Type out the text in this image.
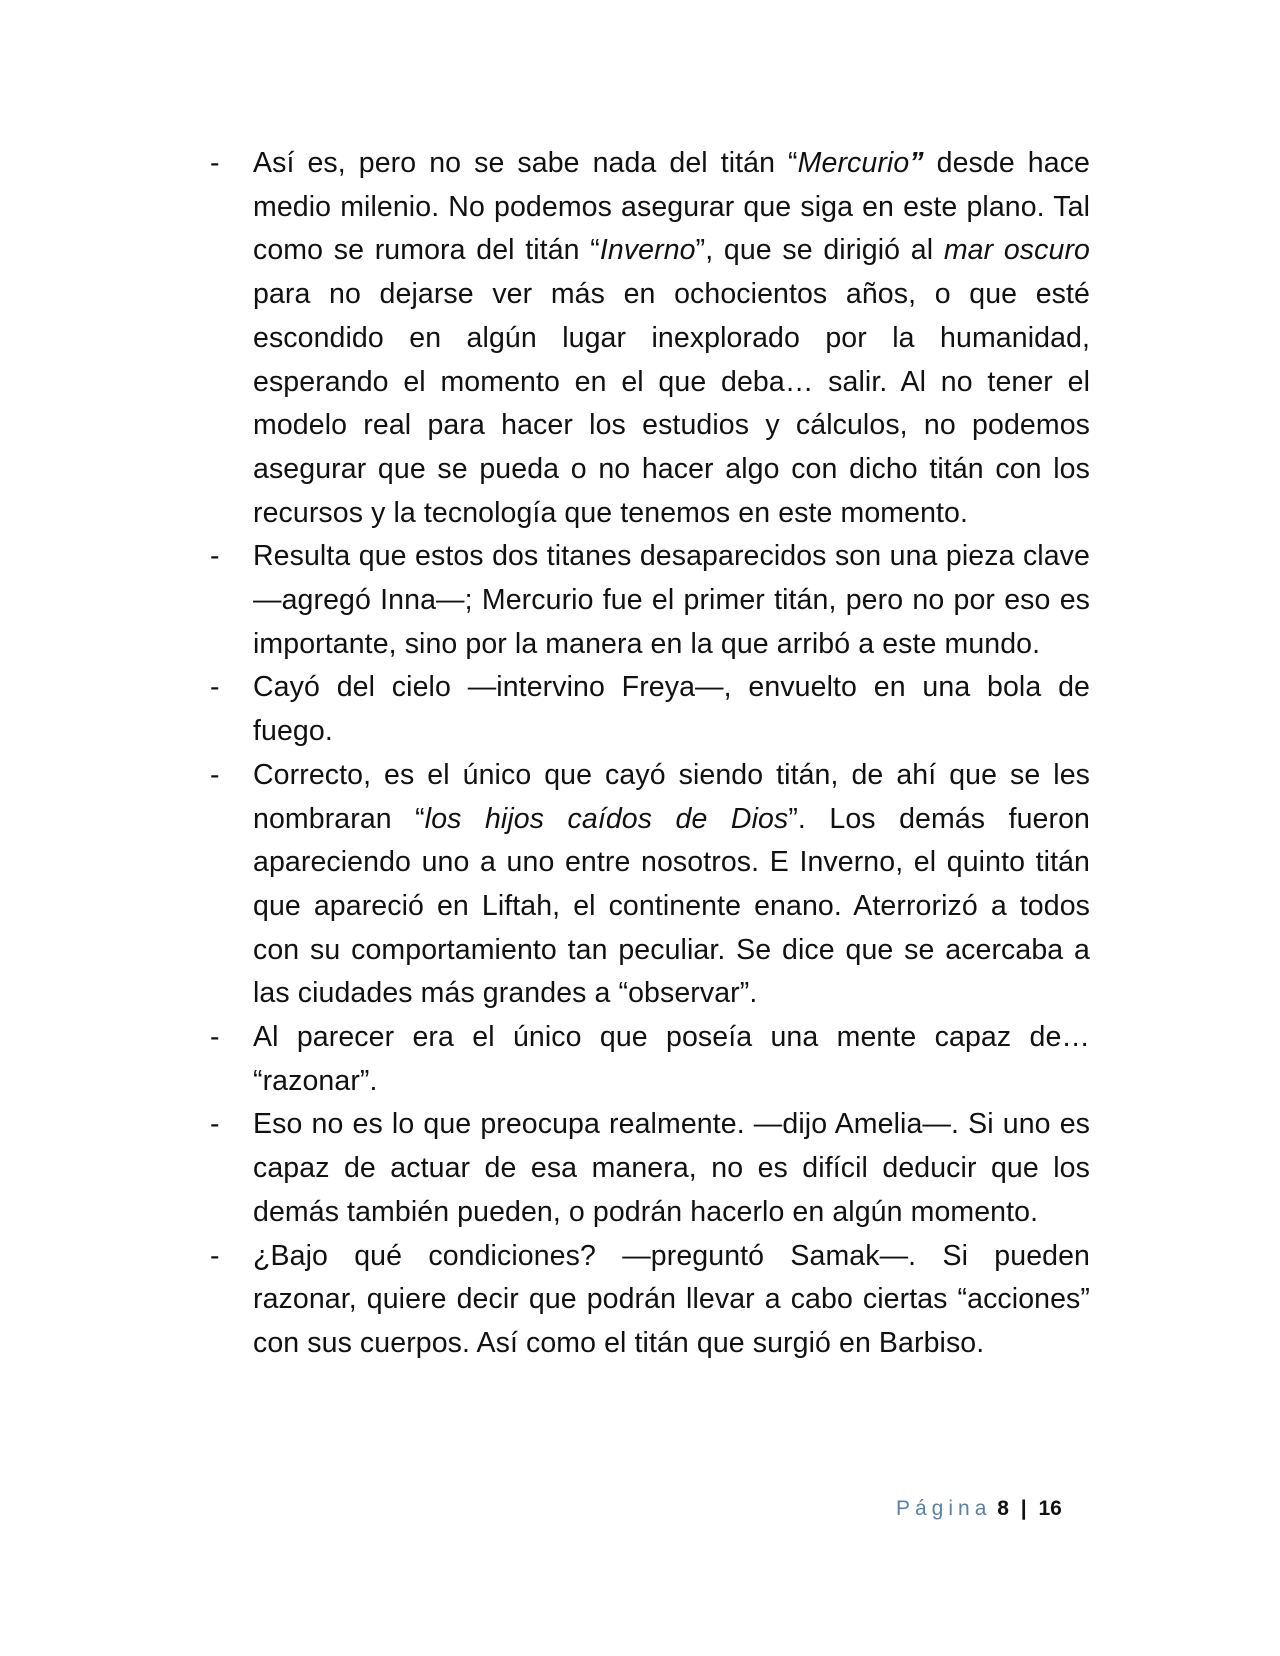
- Así es, pero no se sabe nada del titán “Mercurio” desde hace medio milenio. No podemos asegurar que siga en este plano. Tal como se rumora del titán “Inverno”, que se dirigió al mar oscuro para no dejarse ver más en ochocientos años, o que esté escondido en algún lugar inexplorado por la humanidad, esperando el momento en el que deba… salir. Al no tener el modelo real para hacer los estudios y cálculos, no podemos asegurar que se pueda o no hacer algo con dicho titán con los recursos y la tecnología que tenemos en este momento.
- Resulta que estos dos titanes desaparecidos son una pieza clave —agregó Inna—; Mercurio fue el primer titán, pero no por eso es importante, sino por la manera en la que arribó a este mundo.
- Cayó del cielo —intervino Freya—, envuelto en una bola de fuego.
- Correcto, es el único que cayó siendo titán, de ahí que se les nombraran “los hijos caídos de Dios”. Los demás fueron apareciendo uno a uno entre nosotros. E Inverno, el quinto titán que apareció en Liftah, el continente enano. Aterrorizó a todos con su comportamiento tan peculiar. Se dice que se acercaba a las ciudades más grandes a “observar”.
- Al parecer era el único que poseía una mente capaz de… “razonar”.
- Eso no es lo que preocupa realmente. —dijo Amelia—. Si uno es capaz de actuar de esa manera, no es difícil deducir que los demás también pueden, o podrán hacerlo en algún momento.
- ¿Bajo qué condiciones? —preguntó Samak—. Si pueden razonar, quiere decir que podrán llevar a cabo ciertas “acciones” con sus cuerpos. Así como el titán que surgió en Barbiso.
Página 8 | 16
